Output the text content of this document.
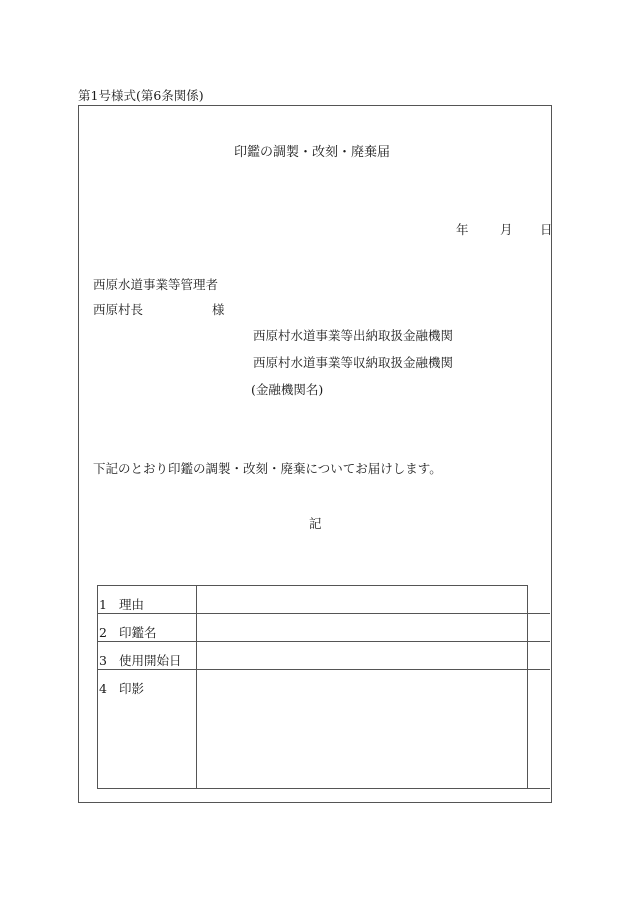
第1号様式(第6条関係)
印鑑の調製・改刻・廃棄届
年	月 日
西原水道事業等管理者
西原村長	様
西原村水道事業等出納取扱金融機関
西原村水道事業等収納取扱金融機関
(金融機関名)
下記のとおり印鑑の調製・改刻・廃棄についてお届けします。
記
1 理由		
2 印鑑名		
3 使用開始日		
4 印影		
